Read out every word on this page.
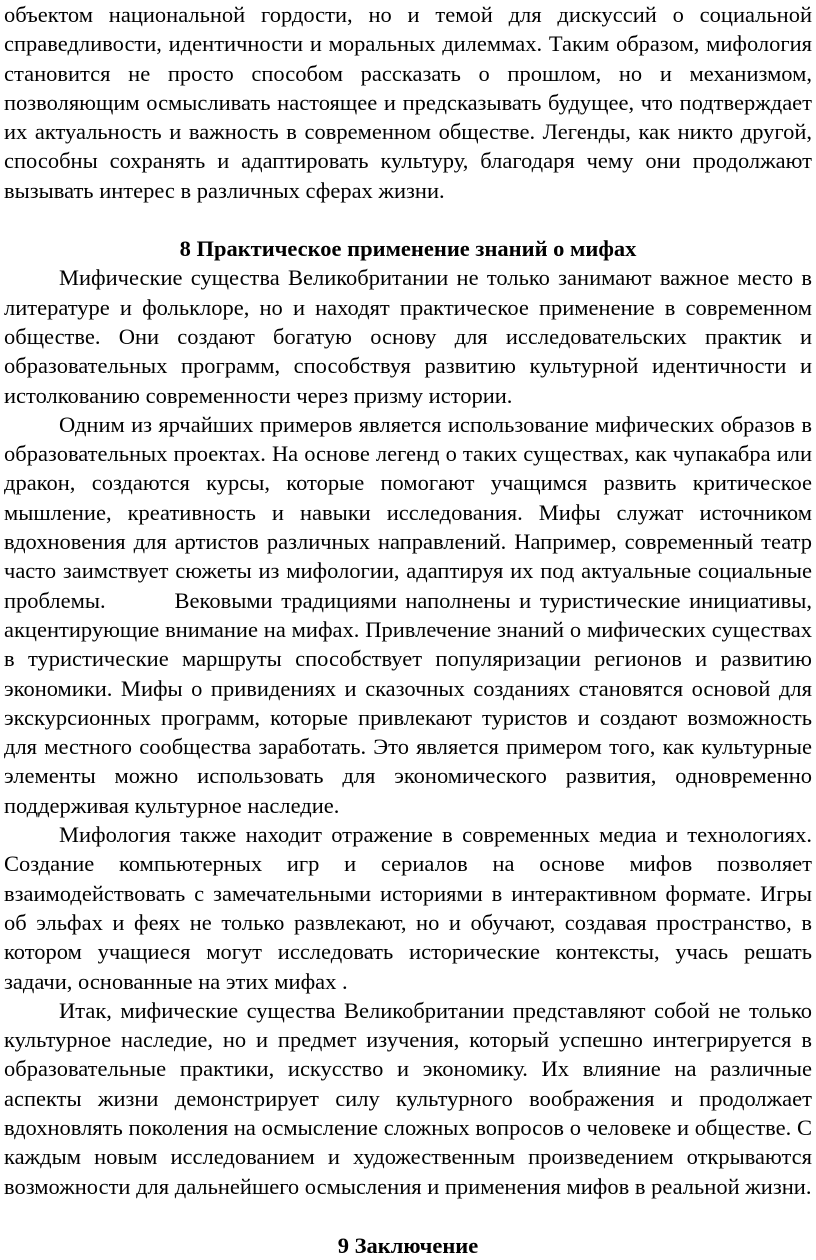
объектом национальной гордости, но и темой для дискуссий о социальной справедливости, идентичности и моральных дилеммах. Таким образом, мифология становится не просто способом рассказать о прошлом, но и механизмом, позволяющим осмысливать настоящее и предсказывать будущее, что подтверждает их актуальность и важность в современном обществе. Легенды, как никто другой, способны сохранять и адаптировать культуру, благодаря чему они продолжают вызывать интерес в различных сферах жизни.

8 Практическое применение знаний о мифах

Мифические существа Великобритании не только занимают важное место в литературе и фольклоре, но и находят практическое применение в современном обществе. Они создают богатую основу для исследовательских практик и образовательных программ, способствуя развитию культурной идентичности и истолкованию современности через призму истории.

Одним из ярчайших примеров является использование мифических образов в образовательных проектах. На основе легенд о таких существах, как чупакабра или дракон, создаются курсы, которые помогают учащимся развить критическое мышление, креативность и навыки исследования. Мифы служат источником вдохновения для артистов различных направлений. Например, современный театр часто заимствует сюжеты из мифологии, адаптируя их под актуальные социальные проблемы.        Вековыми традициями наполнены и туристические инициативы, акцентирующие внимание на мифах. Привлечение знаний о мифических существах в туристические маршруты способствует популяризации регионов и развитию экономики. Мифы о привидениях и сказочных созданиях становятся основой для экскурсионных программ, которые привлекают туристов и создают возможность для местного сообщества заработать. Это является примером того, как культурные элементы можно использовать для экономического развития, одновременно поддерживая культурное наследие.

Мифология также находит отражение в современных медиа и технологиях. Создание компьютерных игр и сериалов на основе мифов позволяет взаимодействовать с замечательными историями в интерактивном формате. Игры об эльфах и феях не только развлекают, но и обучают, создавая пространство, в котором учащиеся могут исследовать исторические контексты, учась решать задачи, основанные на этих мифах .

Итак, мифические существа Великобритании представляют собой не только культурное наследие, но и предмет изучения, который успешно интегрируется в образовательные практики, искусство и экономику. Их влияние на различные аспекты жизни демонстрирует силу культурного воображения и продолжает вдохновлять поколения на осмысление сложных вопросов о человеке и обществе. С каждым новым исследованием и художественным произведением открываются возможности для дальнейшего осмысления и применения мифов в реальной жизни.

9 Заключение
